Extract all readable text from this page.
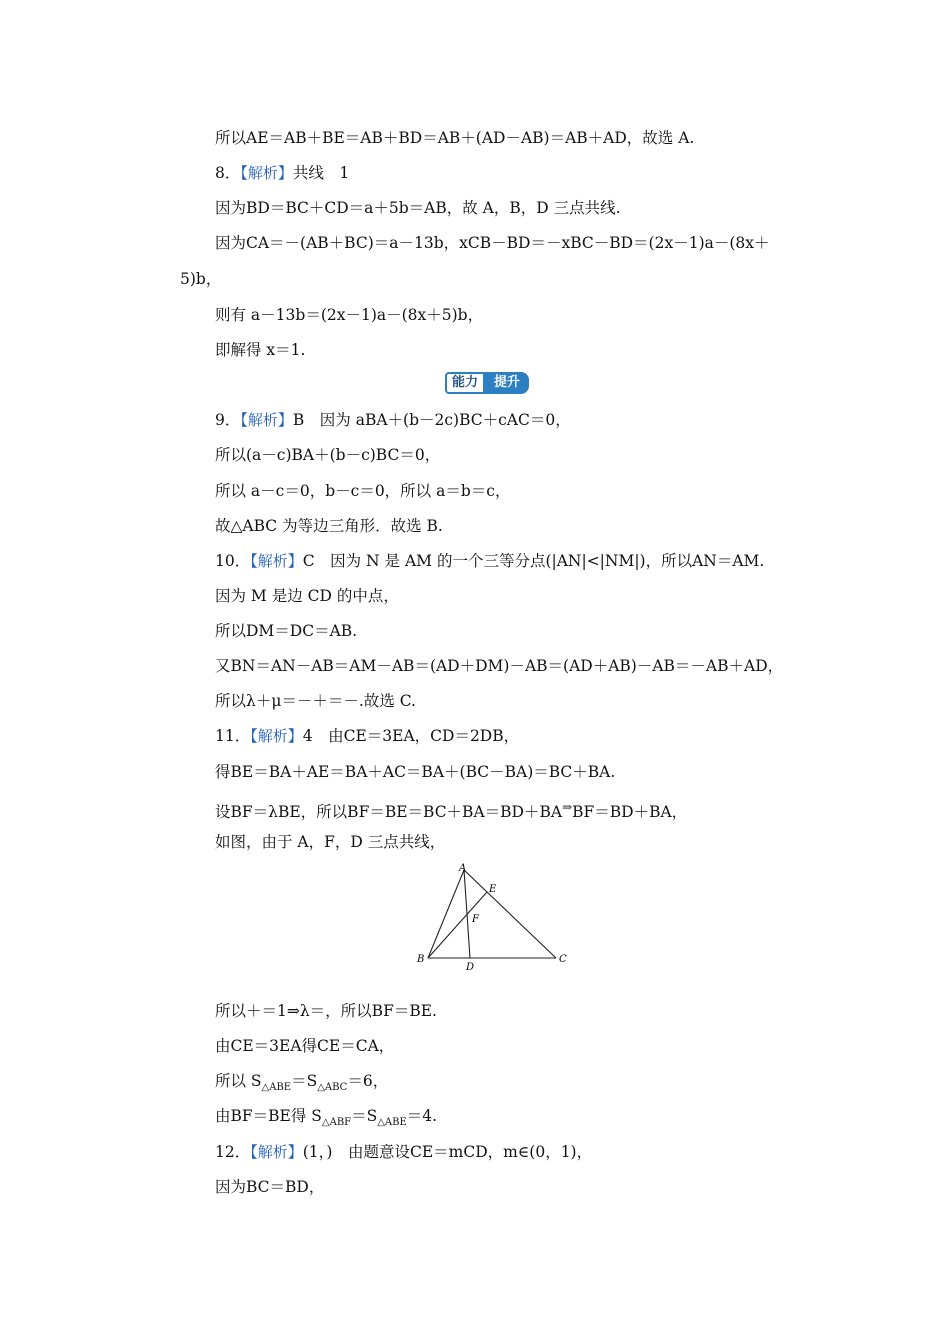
所以AE＝AB＋BE＝AB＋BD＝AB＋(AD－AB)＝AB＋AD，故选 A.
8．【解析】共线　1
因为BD＝BC＋CD＝a＋5b＝AB，故 A，B，D 三点共线.
因为CA＝－(AB＋BC)＝a－13b，xCB－BD＝－xBC－BD＝(2x－1)a－(8x＋
5)b，
则有 a－13b＝(2x－1)a－(8x＋5)b，
即解得 x＝1.
能力	提升
9．【解析】B　因为 aBA＋(b－2c)BC＋cAC＝0，
所以(a－c)BA＋(b－c)BC＝0，
所以 a－c＝0，b－c＝0，所以 a＝b＝c，
故△ABC 为等边三角形．故选 B.
10．【解析】C　因为 N 是 AM 的一个三等分点(|AN|<|NM|)，所以AN＝AM.
因为 M 是边 CD 的中点，
所以DM＝DC＝AB.
又BN＝AN－AB＝AM－AB＝(AD＋DM)－AB＝(AD＋AB)－AB＝－AB＋AD，
所以λ＋μ＝－＋＝－.故选 C.
11．【解析】4　由CE＝3EA，CD＝2DB，
得BE＝BA＋AE＝BA＋AC＝BA＋(BC－BA)＝BC＋BA.
设BF＝λBE，所以BF＝BE＝BC＋BA＝BD＋BA⇒BF＝BD＋BA，
如图，由于 A，F，D 三点共线，
A
E
F
B
D
C
所以＋＝1⇒λ＝，所以BF＝BE.
由CE＝3EA得CE＝CA，
所以 $S_{\triangle ABE}=S_{\triangle ABC}=6$，
由BF＝BE得 $S_{\triangle ABF}=S_{\triangle ABE}=4$.
12．【解析】(1，)　由题意设CE＝mCD，m∈(0，1)，
因为BC＝BD，
